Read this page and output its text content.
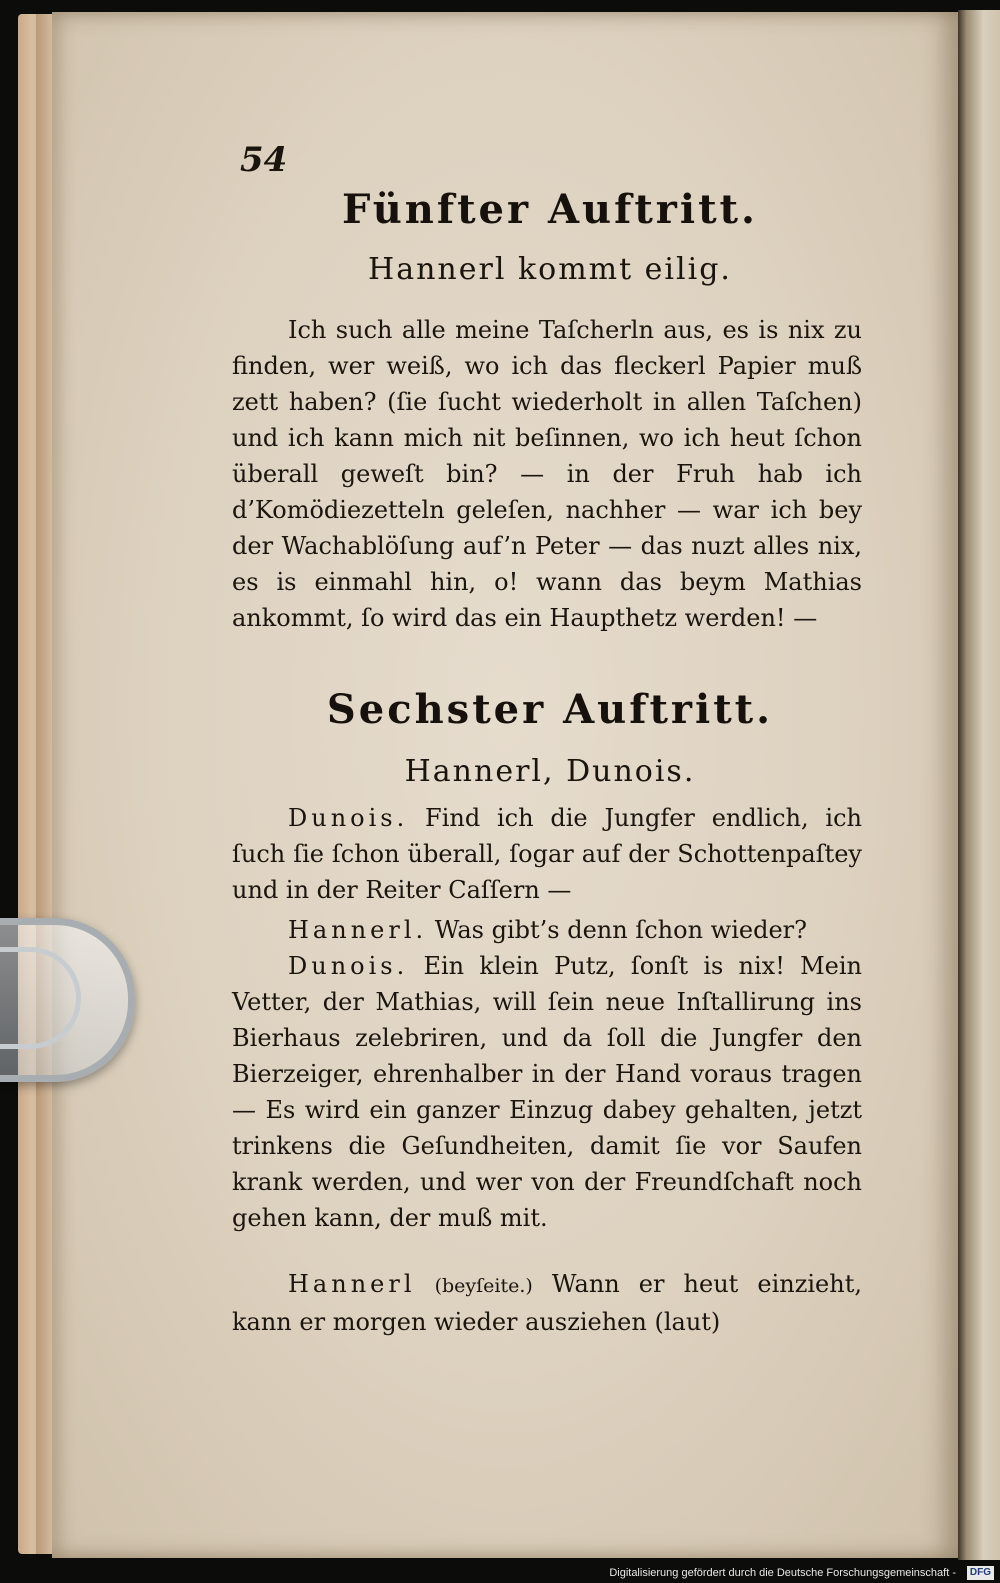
54

Fünfter Auftritt.

Hannerl kommt eilig.

Ich such alle meine Taſcherln aus, es is nix zu finden, wer weiß, wo ich das fleckerl Papier muß zett haben? (ſie ſucht wiederholt in allen Taſchen) und ich kann mich nit beſinnen, wo ich heut ſchon überall geweſt bin? — in der Fruh hab ich d’Komödiezetteln geleſen, nachher — war ich bey der Wachablöſung auf’n Peter — das nuzt alles nix, es is einmahl hin, o! wann das beym Mathias ankommt, ſo wird das ein Haupthetz werden! —

Sechster Auftritt.

Hannerl, Dunois.

Dunois. Find ich die Jungfer endlich, ich ſuch ſie ſchon überall, ſogar auf der Schottenpaſtey und in der Reiter Caſſern —

Hannerl. Was gibt’s denn ſchon wieder?

Dunois. Ein klein Putz, ſonſt is nix! Mein Vetter, der Mathias, will ſein neue Inſtallirung ins Bierhaus zelebriren, und da ſoll die Jungfer den Bierzeiger, ehrenhalber in der Hand voraus tragen — Es wird ein ganzer Einzug dabey gehalten, jetzt trinkens die Geſundheiten, damit ſie vor Saufen krank werden, und wer von der Freundſchaft noch gehen kann, der muß mit.

Hannerl (beyſeite.) Wann er heut einzieht, kann er morgen wieder ausziehen (laut)

Digitalisierung gefördert durch die Deutsche Forschungsgemeinschaft -	DFG
